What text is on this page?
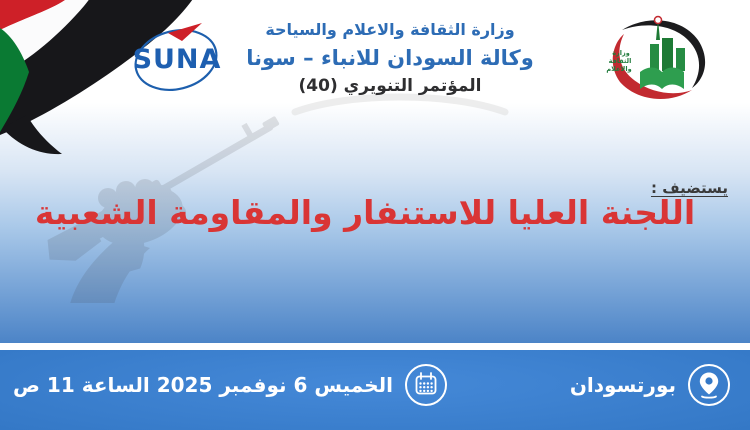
SUNA	وزارة
الثقافة
والاعلام
وزارة الثقافة والاعلام والسياحة
وكالة السودان للانباء – سونا
المؤتمر التنويري (40)
يستضيف :
اللجنة العليا للاستنفار والمقاومة الشعبية
الخميس 6 نوفمبر 2025 الساعة 11 ص	بورتسودان
